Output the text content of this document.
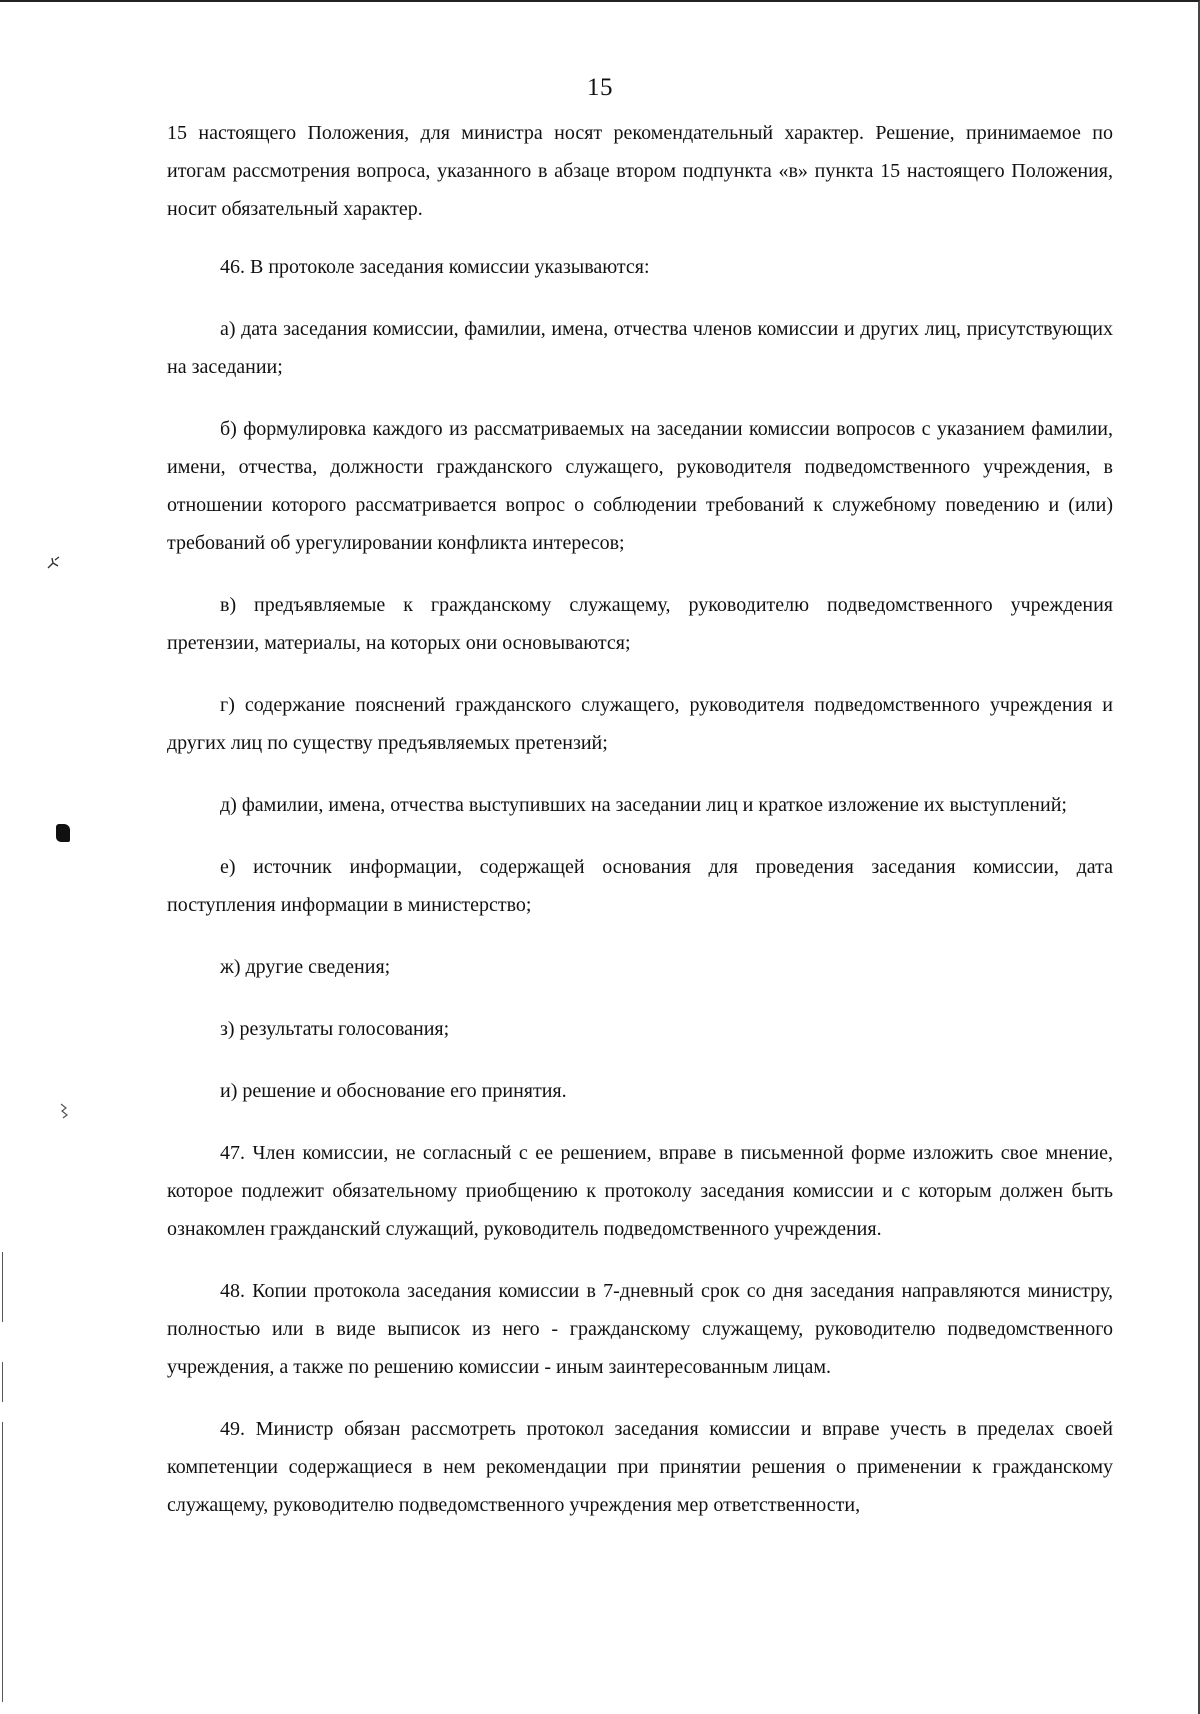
15

15 настоящего Положения, для министра носят рекомендательный характер. Решение, принимаемое по итогам рассмотрения вопроса, указанного в абзаце втором подпункта «в» пункта 15 настоящего Положения, носит обязательный характер.

46. В протоколе заседания комиссии указываются:

а) дата заседания комиссии, фамилии, имена, отчества членов комиссии и других лиц, присутствующих на заседании;

б) формулировка каждого из рассматриваемых на заседании комиссии вопросов с указанием фамилии, имени, отчества, должности гражданского служащего, руководителя подведомственного учреждения, в отношении которого рассматривается вопрос о соблюдении требований к служебному поведению и (или) требований об урегулировании конфликта интересов;

в) предъявляемые к гражданскому служащему, руководителю подведомственного учреждения претензии, материалы, на которых они основываются;

г) содержание пояснений гражданского служащего, руководителя подведомственного учреждения и других лиц по существу предъявляемых претензий;

д) фамилии, имена, отчества выступивших на заседании лиц и краткое изложение их выступлений;

е) источник информации, содержащей основания для проведения заседания комиссии, дата поступления информации в министерство;

ж) другие сведения;

з) результаты голосования;

и) решение и обоснование его принятия.

47. Член комиссии, не согласный с ее решением, вправе в письменной форме изложить свое мнение, которое подлежит обязательному приобщению к протоколу заседания комиссии и с которым должен быть ознакомлен гражданский служащий, руководитель подведомственного учреждения.

48. Копии протокола заседания комиссии в 7-дневный срок со дня заседания направляются министру, полностью или в виде выписок из него - гражданскому служащему, руководителю подведомственного учреждения, а также по решению комиссии - иным заинтересованным лицам.

49. Министр обязан рассмотреть протокол заседания комиссии и вправе учесть в пределах своей компетенции содержащиеся в нем рекомендации при принятии решения о применении к гражданскому служащему, руководителю подведомственного учреждения мер ответственности,
